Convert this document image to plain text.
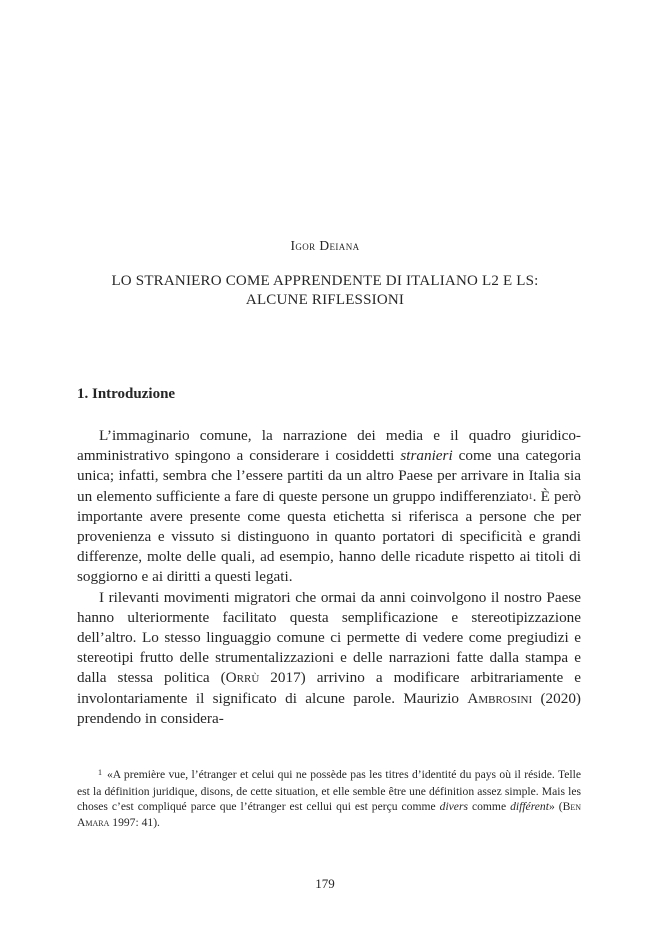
Igor Deiana
LO STRANIERO COME APPRENDENTE DI ITALIANO L2 E LS:
ALCUNE RIFLESSIONI
1. Introduzione

L’immaginario comune, la narrazione dei media e il quadro giuridico-amministrativo spingono a considerare i cosiddetti stranieri come una categoria unica; infatti, sembra che l’essere partiti da un altro Paese per arrivare in Italia sia un elemento sufficiente a fare di queste persone un gruppo indifferenziato$^1$. È però importante avere presente come questa etichetta si riferisca a persone che per provenienza e vissuto si distinguono in quanto portatori di specificità e grandi differenze, molte delle quali, ad esempio, hanno delle ricadute rispetto ai titoli di soggiorno e ai diritti a questi legati.

I rilevanti movimenti migratori che ormai da anni coinvolgono il nostro Paese hanno ulteriormente facilitato questa semplificazione e stereotipizzazione dell’altro. Lo stesso linguaggio comune ci permette di vedere come pregiudizi e stereotipi frutto delle strumentalizzazioni e delle narrazioni fatte dalla stampa e dalla stessa politica (Orrù 2017) arrivino a modificare arbitrariamente e involontariamente il significato di alcune parole. Maurizio Ambrosini (2020) prendendo in considera-

$^1$ «A première vue, l’étranger et celui qui ne possède pas les titres d’identité du pays où il réside. Telle est la définition juridique, disons, de cette situation, et elle semble être une définition assez simple. Mais les choses c’est compliqué parce que l’étranger est cellui qui est perçu comme divers comme différent» (Ben Amara 1997: 41).

179
